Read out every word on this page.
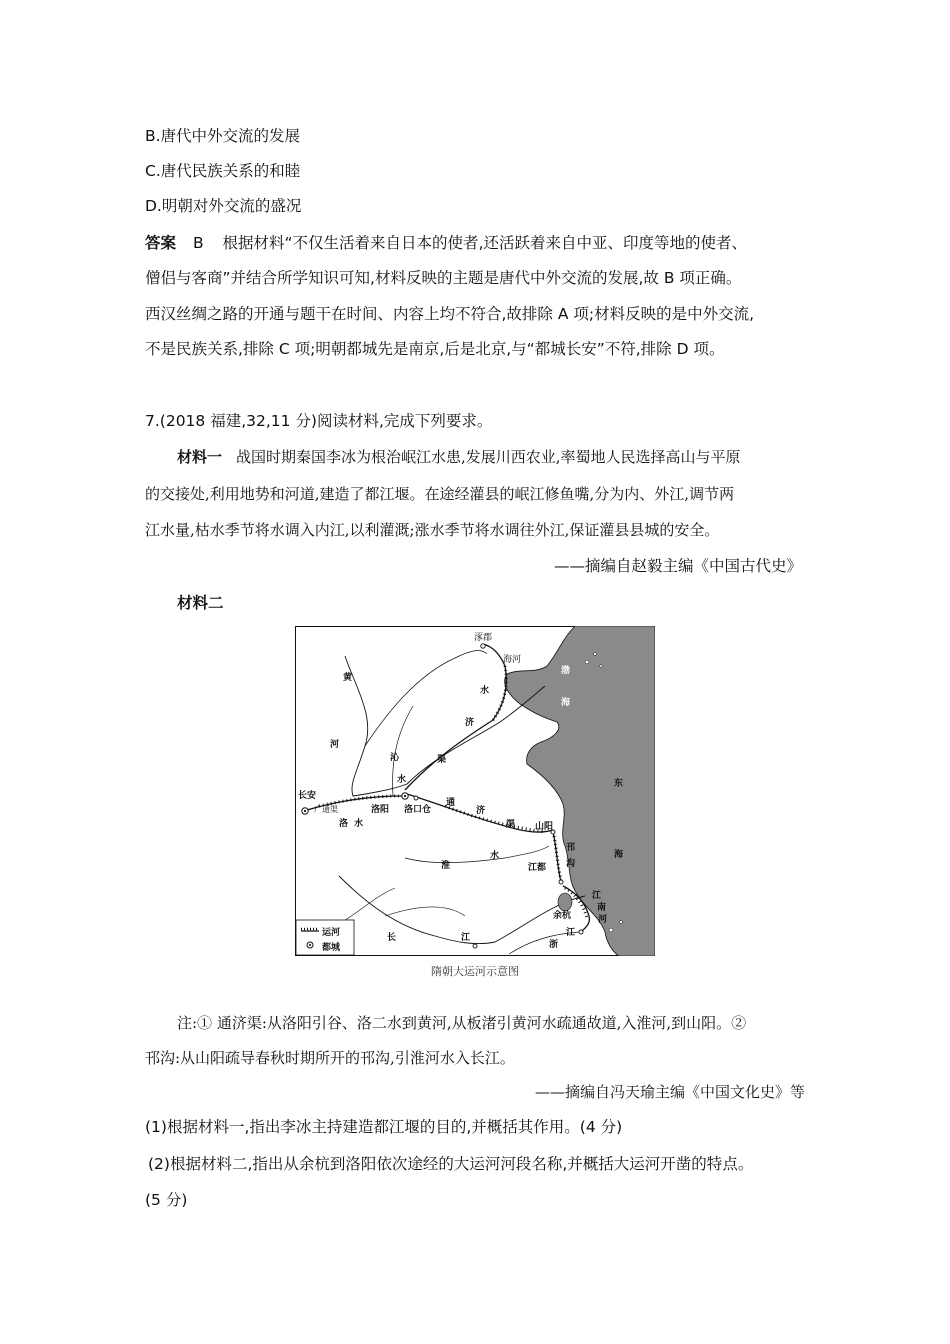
B.唐代中外交流的发展
C.唐代民族关系的和睦
D.明朝对外交流的盛况
答案 B 根据材料“不仅生活着来自日本的使者,还活跃着来自中亚、印度等地的使者、
僧侣与客商”并结合所学知识可知,材料反映的主题是唐代中外交流的发展,故 B 项正确。
西汉丝绸之路的开通与题干在时间、内容上均不符合,故排除 A 项;材料反映的是中外交流,
不是民族关系,排除 C 项;明朝都城先是南京,后是北京,与“都城长安”不符,排除 D 项。
7.(2018 福建,32,11 分)阅读材料,完成下列要求。
材料一 战国时期秦国李冰为根治岷江水患,发展川西农业,率蜀地人民选择高山与平原
的交接处,利用地势和河道,建造了都江堰。在途经灌县的岷江修鱼嘴,分为内、外江,调节两
江水量,枯水季节将水调入内江,以利灌溉;涨水季节将水调往外江,保证灌县县城的安全。
——摘编自赵毅主编《中国古代史》
材料二
涿郡
海河
渤
海
黄
河
水
济
渠
沁
水
长安
广通渠
洛 水
洛阳 洛口仓
通
济
渠 山阳
东
海
淮
水
邗
沟
江都
江
南
河
余杭
长	江	江
浙
运河
都城
隋朝大运河示意图
注:① 通济渠:从洛阳引谷、洛二水到黄河,从板渚引黄河水疏通故道,入淮河,到山阳。②
邗沟:从山阳疏导春秋时期所开的邗沟,引淮河水入长江。
——摘编自冯天瑜主编《中国文化史》等
(1)根据材料一,指出李冰主持建造都江堰的目的,并概括其作用。(4 分)
(2)根据材料二,指出从余杭到洛阳依次途经的大运河河段名称,并概括大运河开凿的特点。
(5 分)
